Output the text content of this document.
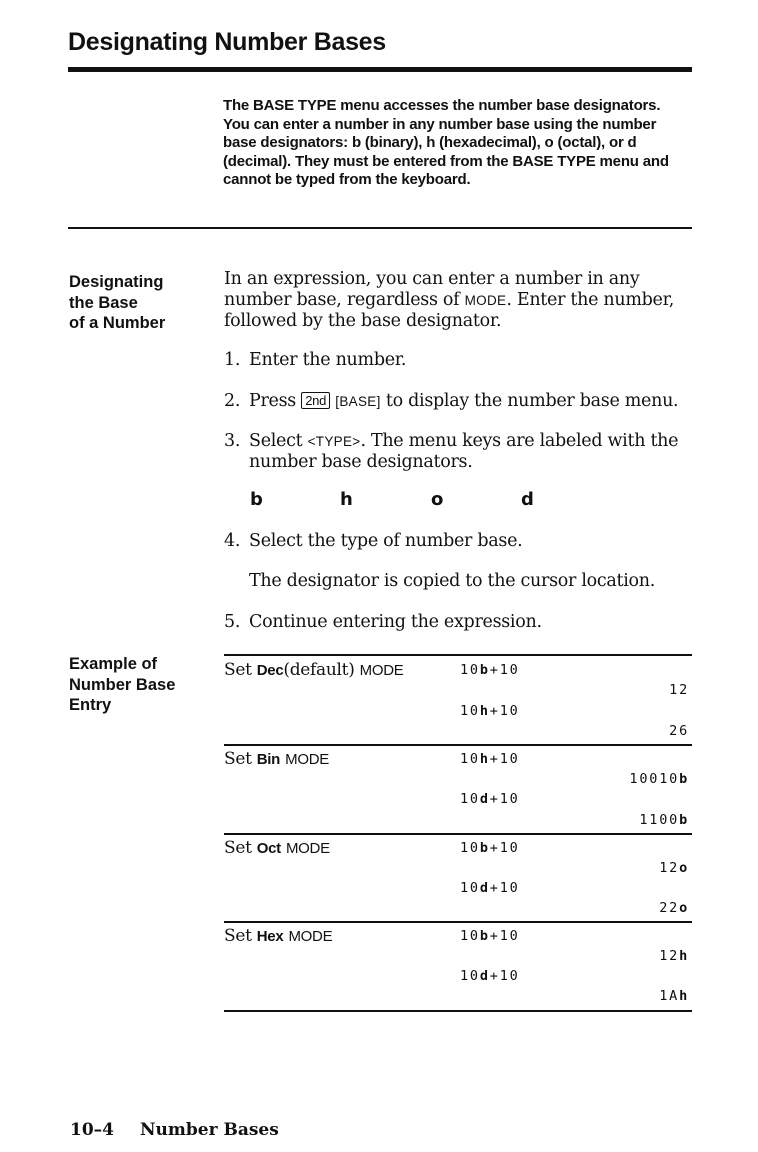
Designating Number Bases
The BASE TYPE menu accesses the number base designators. You can enter a number in any number base using the number base designators: b (binary), h (hexadecimal), o (octal), or d (decimal). They must be entered from the BASE TYPE menu and cannot be typed from the keyboard.
Designating
the Base
of a Number
In an expression, you can enter a number in any number base, regardless of MODE. Enter the number, followed by the base designator.
1. Enter the number.
2. Press 2nd [BASE] to display the number base menu.
3. Select <TYPE>. The menu keys are labeled with the number base designators.
b	h	o	d
4. Select the type of number base.
The designator is copied to the cursor location.
5. Continue entering the expression.
Example of
Number Base
Entry
Set Dec(default) MODE	10b+10
12
10h+10
26
Set Bin MODE	10h+10
10010b
10d+10
1100b
Set Oct MODE	10b+10
12o
10d+10
22o
Set Hex MODE	10b+10
12h
10d+10
1Ah
10–4 Number Bases
